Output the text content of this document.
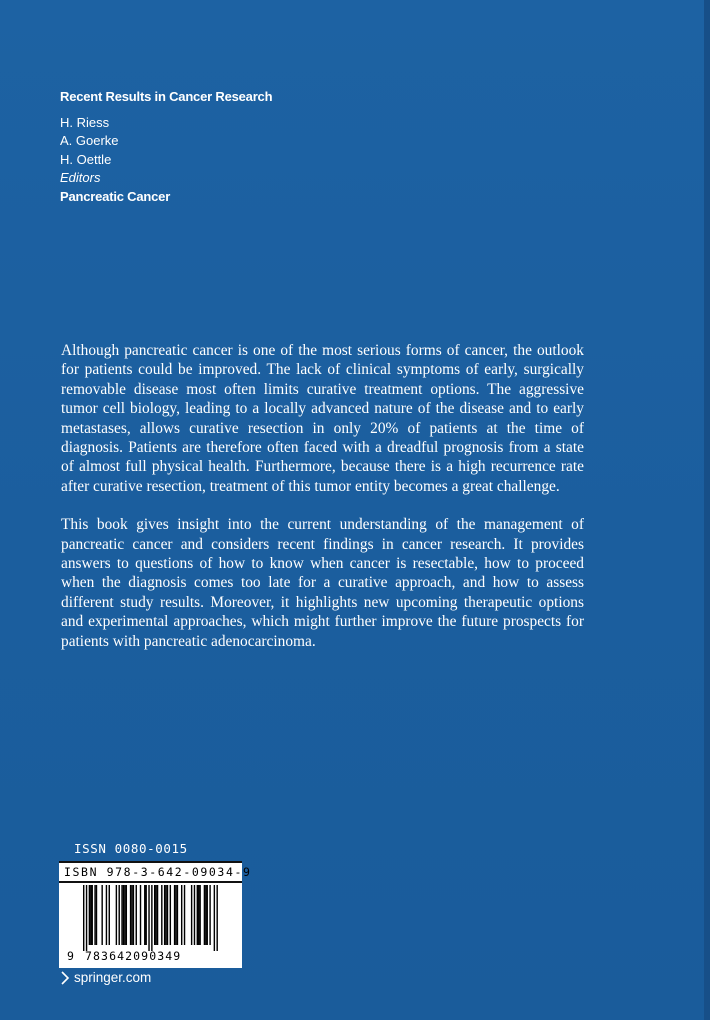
Recent Results in Cancer Research
H. Riess
A. Goerke
H. Oettle
Editors
Pancreatic Cancer

Although pancreatic cancer is one of the most serious forms of cancer, the outlook for patients could be improved. The lack of clinical symptoms of early, surgically removable disease most often limits curative treatment options. The aggressive tumor cell biology, leading to a locally advanced nature of the disease and to early metastases, allows curative resection in only 20% of patients at the time of diagnosis. Patients are therefore often faced with a dreadful prognosis from a state of almost full physical health. Furthermore, because there is a high recurrence rate after curative resection, treatment of this tumor entity becomes a great challenge.

This book gives insight into the current understanding of the management of pancreatic cancer and considers recent findings in cancer research. It provides answers to questions of how to know when cancer is resectable, how to proceed when the diagnosis comes too late for a curative approach, and how to assess different study results. Moreover, it highlights new upcoming therapeutic options and experimental approaches, which might further improve the future prospects for patients with pancreatic adenocarcinoma.

ISSN 0080-0015
ISBN 978-3-642-09034-9
9 783642090349
springer.com
